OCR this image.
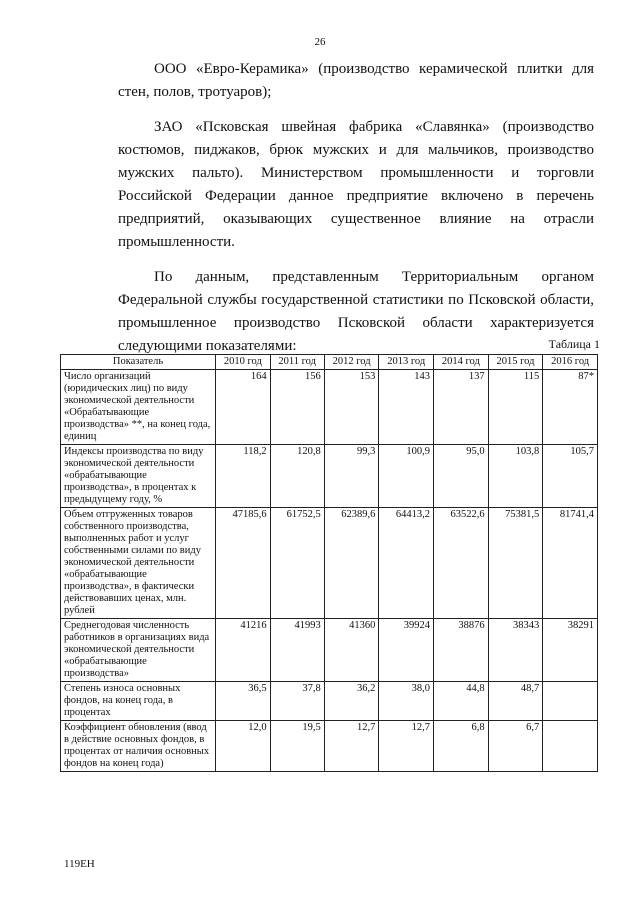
26

ООО «Евро-Керамика» (производство керамической плитки для стен, полов, тротуаров);

ЗАО «Псковская швейная фабрика «Славянка» (производство костюмов, пиджаков, брюк мужских и для мальчиков, производство мужских пальто). Министерством промышленности и торговли Российской Федерации данное предприятие включено в перечень предприятий, оказывающих существенное влияние на отрасли промышленности.

По данным, представленным Территориальным органом Федеральной службы государственной статистики по Псковской области, промышленное производство Псковской области характеризуется следующими показателями:	Таблица 1
Показатель	2010 год	2011 год	2012 год	2013 год	2014 год	2015 год	2016 год
Число организаций (юридических лиц) по виду экономической деятельности «Обрабатывающие производства» **, на конец года, единиц	164	156	153	143	137	115	87*
Индексы производства по виду экономической деятельности «обрабатывающие производства», в процентах к предыдущему году, %	118,2	120,8	99,3	100,9	95,0	103,8	105,7
Объем отгруженных товаров собственного производства, выполненных работ и услуг собственными силами по виду экономической деятельности «обрабатывающие производства», в фактически действовавших ценах, млн. рублей	47185,6	61752,5	62389,6	64413,2	63522,6	75381,5	81741,4
Среднегодовая численность работников в организациях вида экономической деятельности «обрабатывающие производства»	41216	41993	41360	39924	38876	38343	38291
Степень износа основных фондов, на конец года, в процентах	36,5	37,8	36,2	38,0	44,8	48,7	
Коэффициент обновления (ввод в действие основных фондов, в процентах от наличия основных фондов на конец года)	12,0	19,5	12,7	12,7	6,8	6,7	
119ЕН
